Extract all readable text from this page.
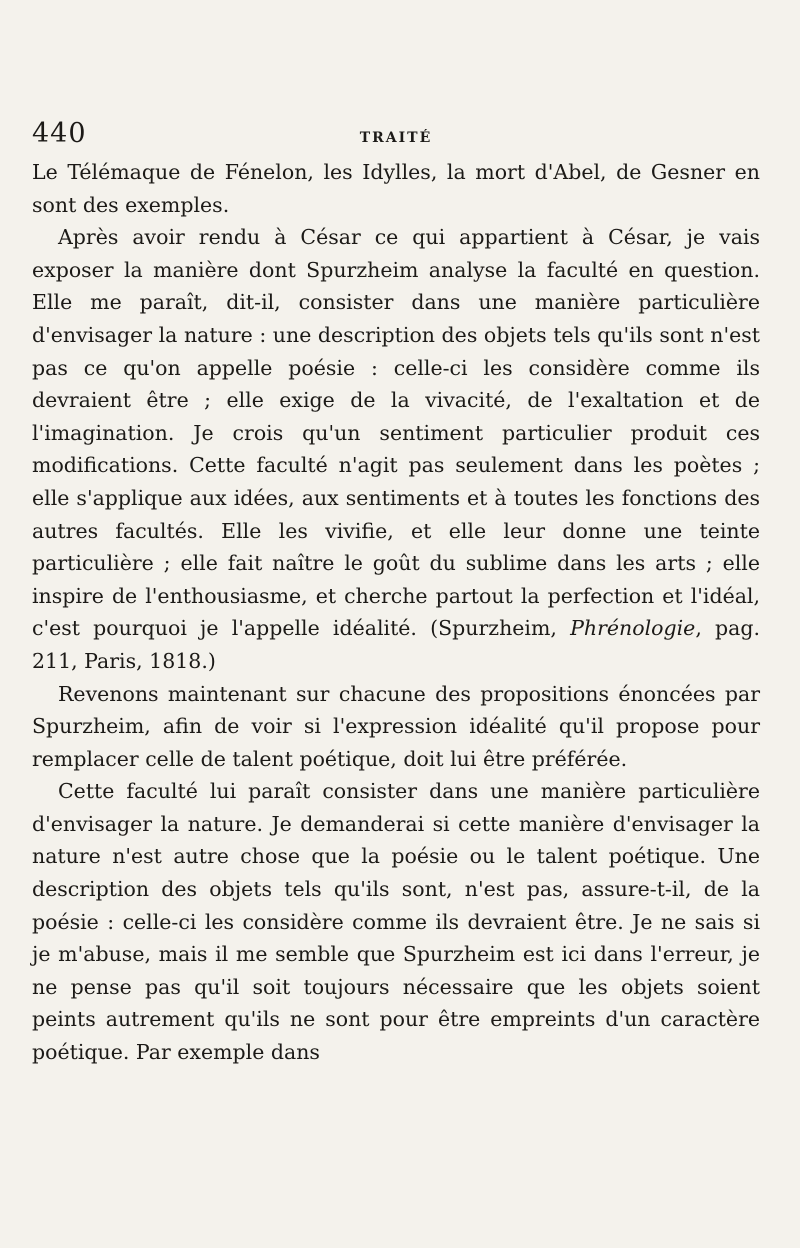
440	TRAITÉ

Le Télémaque de Fénelon, les Idylles, la mort d'Abel, de Gesner en sont des exemples.

Après avoir rendu à César ce qui appartient à César, je vais exposer la manière dont Spurzheim analyse la faculté en question. Elle me paraît, dit-il, consister dans une manière particulière d'envisager la nature : une description des objets tels qu'ils sont n'est pas ce qu'on appelle poésie : celle-ci les considère comme ils devraient être ; elle exige de la vivacité, de l'exaltation et de l'imagination. Je crois qu'un sentiment particulier produit ces modifications. Cette faculté n'agit pas seulement dans les poètes ; elle s'applique aux idées, aux sentiments et à toutes les fonctions des autres facultés. Elle les vivifie, et elle leur donne une teinte particulière ; elle fait naître le goût du sublime dans les arts ; elle inspire de l'enthousiasme, et cherche partout la perfection et l'idéal, c'est pourquoi je l'appelle idéalité. (Spurzheim, Phrénologie, pag. 211, Paris, 1818.)

Revenons maintenant sur chacune des propositions énoncées par Spurzheim, afin de voir si l'expression idéalité qu'il propose pour remplacer celle de talent poétique, doit lui être préférée.

Cette faculté lui paraît consister dans une manière particulière d'envisager la nature. Je demanderai si cette manière d'envisager la nature n'est autre chose que la poésie ou le talent poétique. Une description des objets tels qu'ils sont, n'est pas, assure-t-il, de la poésie : celle-ci les considère comme ils devraient être. Je ne sais si je m'abuse, mais il me semble que Spurzheim est ici dans l'erreur, je ne pense pas qu'il soit toujours nécessaire que les objets soient peints autrement qu'ils ne sont pour être empreints d'un caractère poétique. Par exemple dans
